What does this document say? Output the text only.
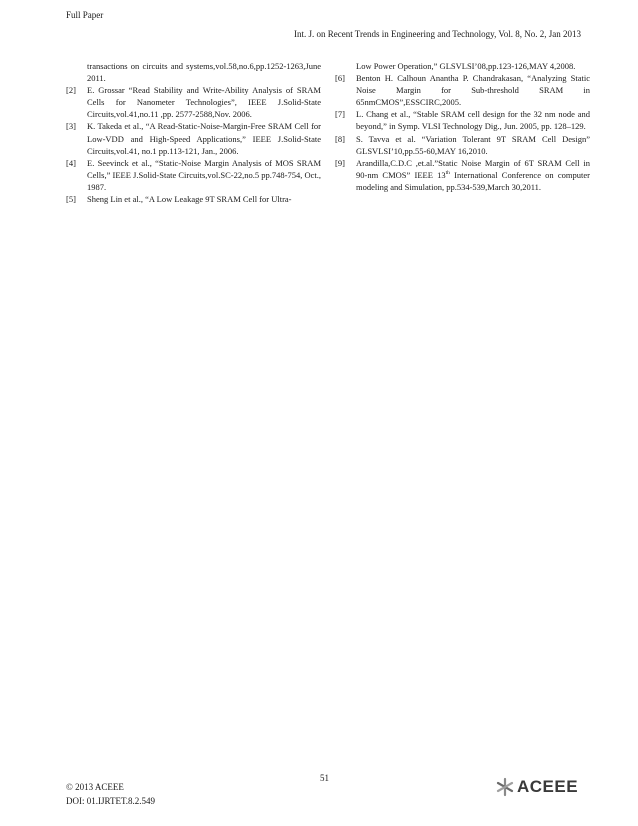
Full Paper
Int. J. on Recent Trends in Engineering and Technology, Vol. 8, No. 2, Jan 2013
transactions on circuits and systems,vol.58,no.6,pp.1252-1263,June 2011.
[2] E. Grossar “Read Stability and Write-Ability Analysis of SRAM Cells for Nanometer Technologies”, IEEE J.Solid-State Circuits,vol.41,no.11 ,pp. 2577-2588,Nov. 2006.
[3] K. Takeda et al., “A Read-Static-Noise-Margin-Free SRAM Cell for Low-VDD and High-Speed Applications,” IEEE J.Solid-State Circuits,vol.41, no.1 pp.113-121, Jan., 2006.
[4] E. Seevinck et al., “Static-Noise Margin Analysis of MOS SRAM Cells,” IEEE J.Solid-State Circuits,vol.SC-22,no.5 pp.748-754, Oct., 1987.
[5] Sheng Lin et al., “A Low Leakage 9T SRAM Cell for Ultra-
Low Power Operation,” GLSVLSI’08,pp.123-126,MAY 4,2008.
[6] Benton H. Calhoun Anantha P. Chandrakasan, “Analyzing Static Noise Margin for Sub-threshold SRAM in 65nmCMOS”,ESSCIRC,2005.
[7] L. Chang et al., “Stable SRAM cell design for the 32 nm node and beyond,” in Symp. VLSI Technology Dig., Jun. 2005, pp. 128–129.
[8] S. Tavva et al. “Variation Tolerant 9T SRAM Cell Design” GLSVLSI’10,pp.55-60,MAY 16,2010.
[9] Arandilla,C.D.C ,et.al.”Static Noise Margin of 6T SRAM Cell in 90-nm CMOS” IEEE 13th International Conference on computer modeling and Simulation, pp.534-539,March 30,2011.
© 2013 ACEEE
DOI: 01.IJRTET.8.2.549
51	ACEEE
